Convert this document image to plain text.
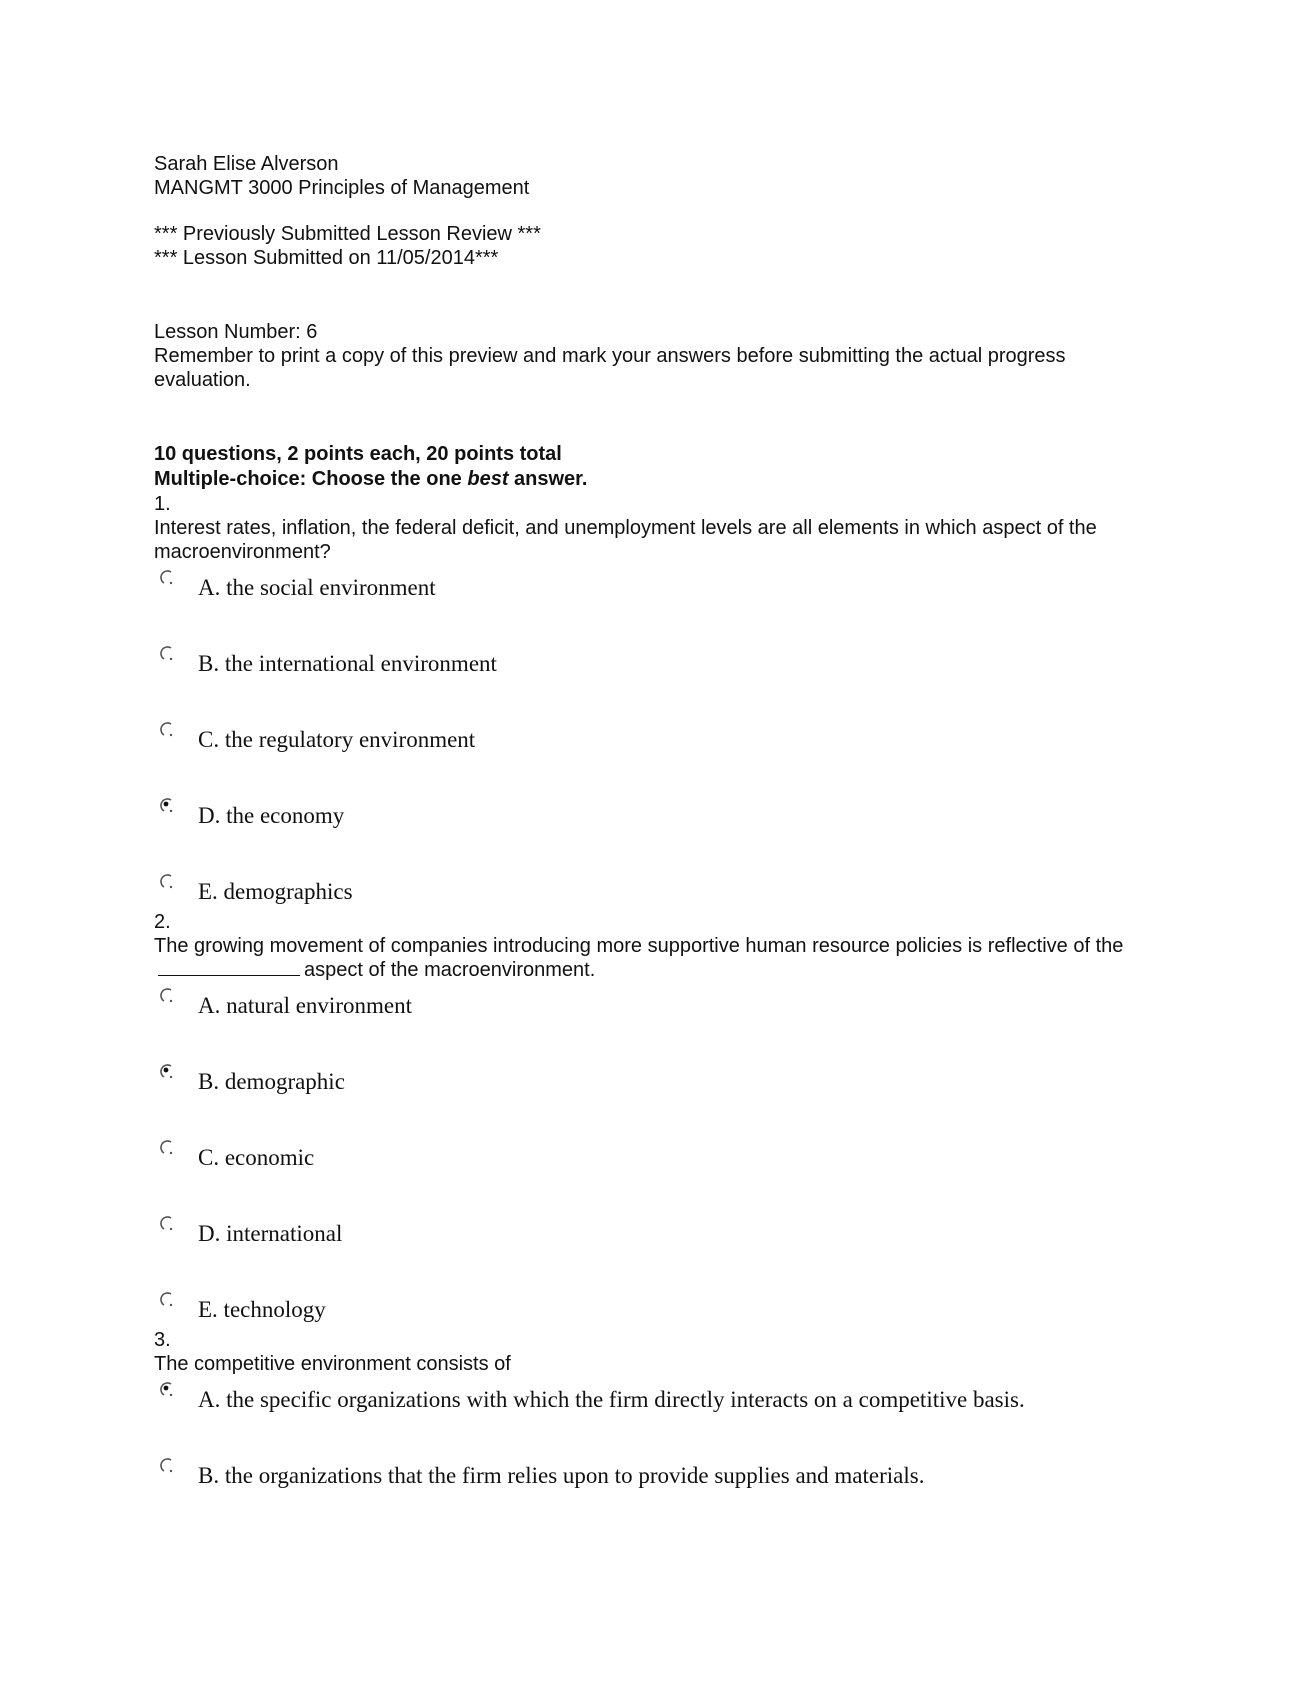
Sarah Elise Alverson
MANGMT 3000 Principles of Management
*** Previously Submitted Lesson Review ***
*** Lesson Submitted on 11/05/2014***
Lesson Number: 6
Remember to print a copy of this preview and mark your answers before submitting the actual progress evaluation.
10 questions, 2 points each, 20 points total
Multiple-choice: Choose the one best answer.
1.
Interest rates, inflation, the federal deficit, and unemployment levels are all elements in which aspect of the macroenvironment?
A. the social environment
B. the international environment
C. the regulatory environment
D. the economy
E. demographics
2.
The growing movement of companies introducing more supportive human resource policies is reflective of theaspect of the macroenvironment.
A. natural environment
B. demographic
C. economic
D. international
E. technology
3.
The competitive environment consists of
A. the specific organizations with which the firm directly interacts on a competitive basis.
B. the organizations that the firm relies upon to provide supplies and materials.
